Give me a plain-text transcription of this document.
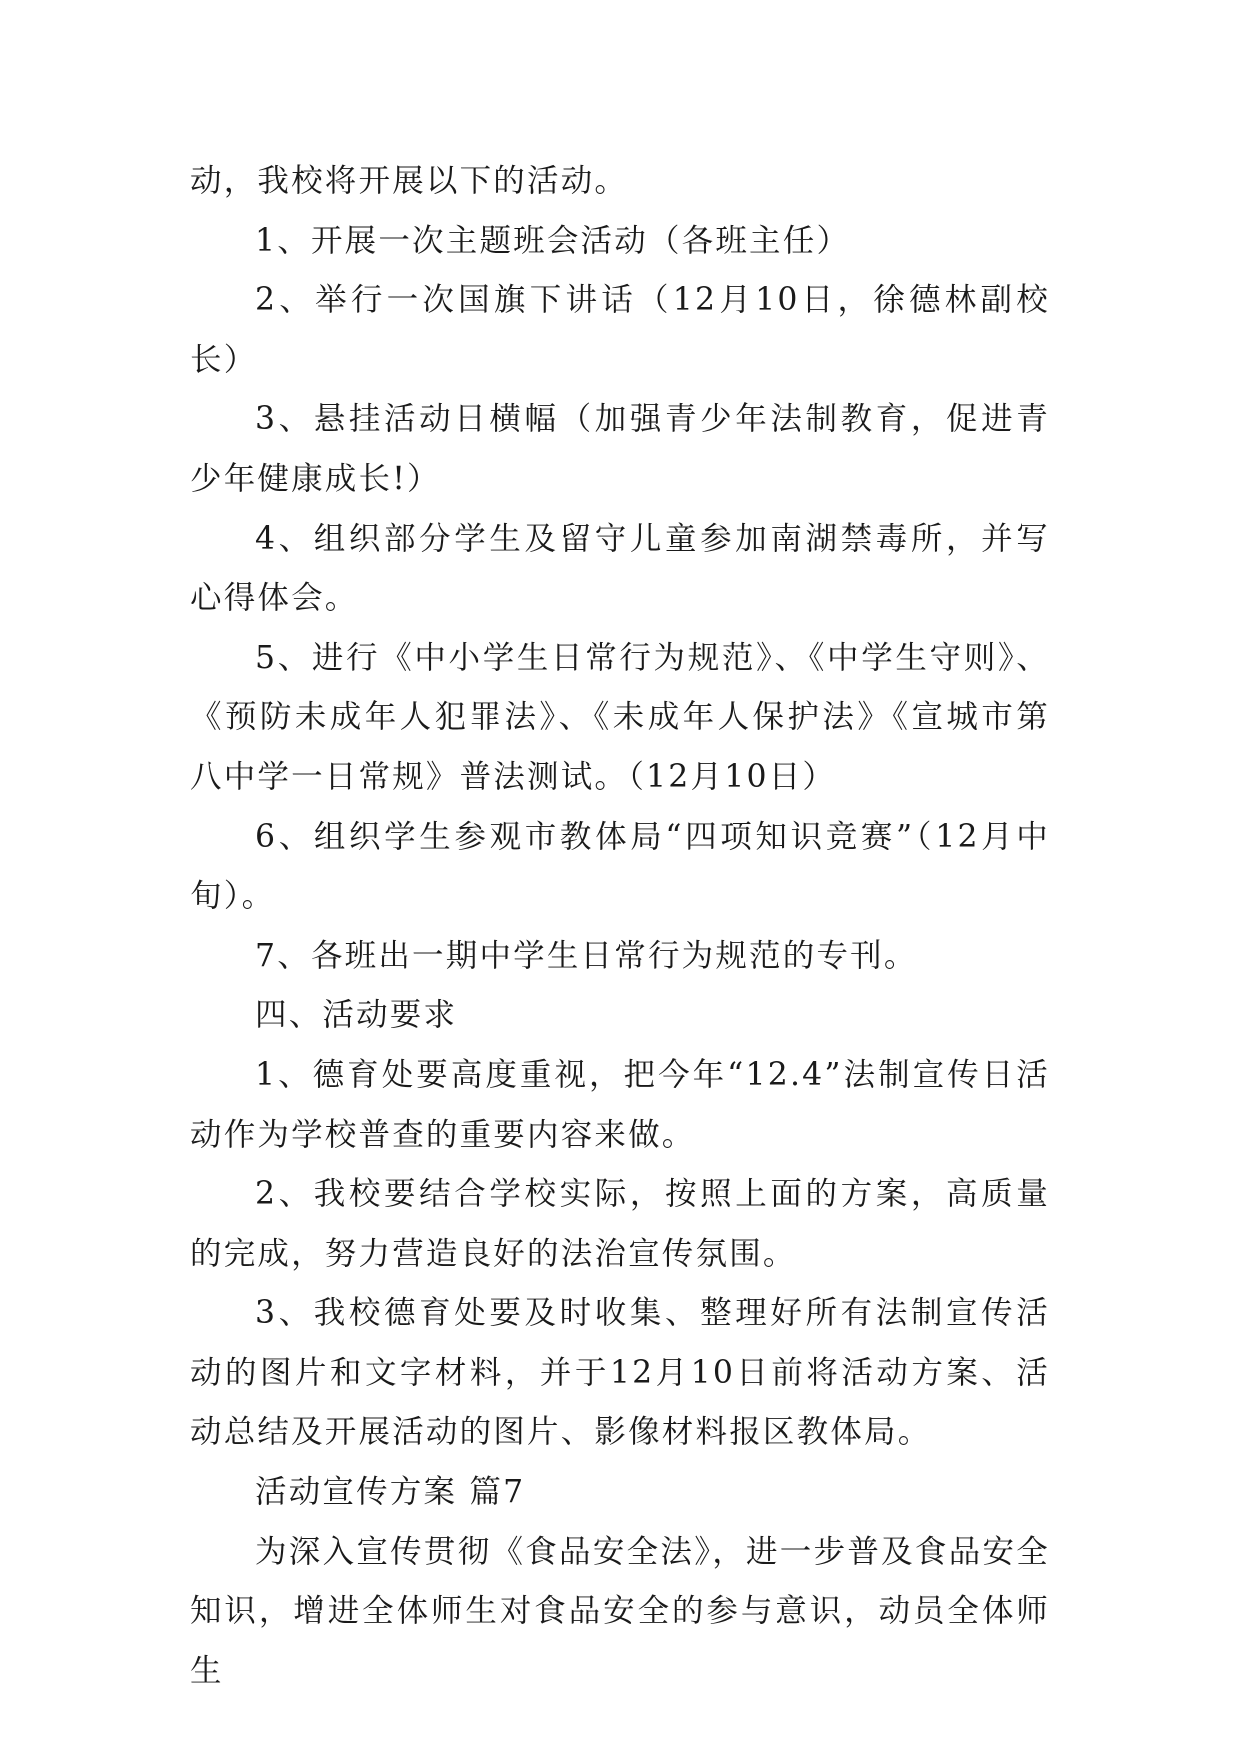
动，我校将开展以下的活动。

1、开展一次主题班会活动（各班主任）

2、举行一次国旗下讲话（12月10日，徐德林副校长）

3、悬挂活动日横幅（加强青少年法制教育，促进青少年健康成长!）

4、组织部分学生及留守儿童参加南湖禁毒所，并写心得体会。

5、进行《中小学生日常行为规范》、《中学生守则》、《预防未成年人犯罪法》、《未成年人保护法》《宣城市第八中学一日常规》普法测试。（12月10日）

6、组织学生参观市教体局“四项知识竞赛”（12月中旬）。

7、各班出一期中学生日常行为规范的专刊。

四、活动要求

1、德育处要高度重视，把今年“12.4”法制宣传日活动作为学校普查的重要内容来做。

2、我校要结合学校实际，按照上面的方案，高质量的完成，努力营造良好的法治宣传氛围。

3、我校德育处要及时收集、整理好所有法制宣传活动的图片和文字材料，并于12月10日前将活动方案、活动总结及开展活动的图片、影像材料报区教体局。

活动宣传方案 篇7

为深入宣传贯彻《食品安全法》，进一步普及食品安全知识，增进全体师生对食品安全的参与意识，动员全体师生
